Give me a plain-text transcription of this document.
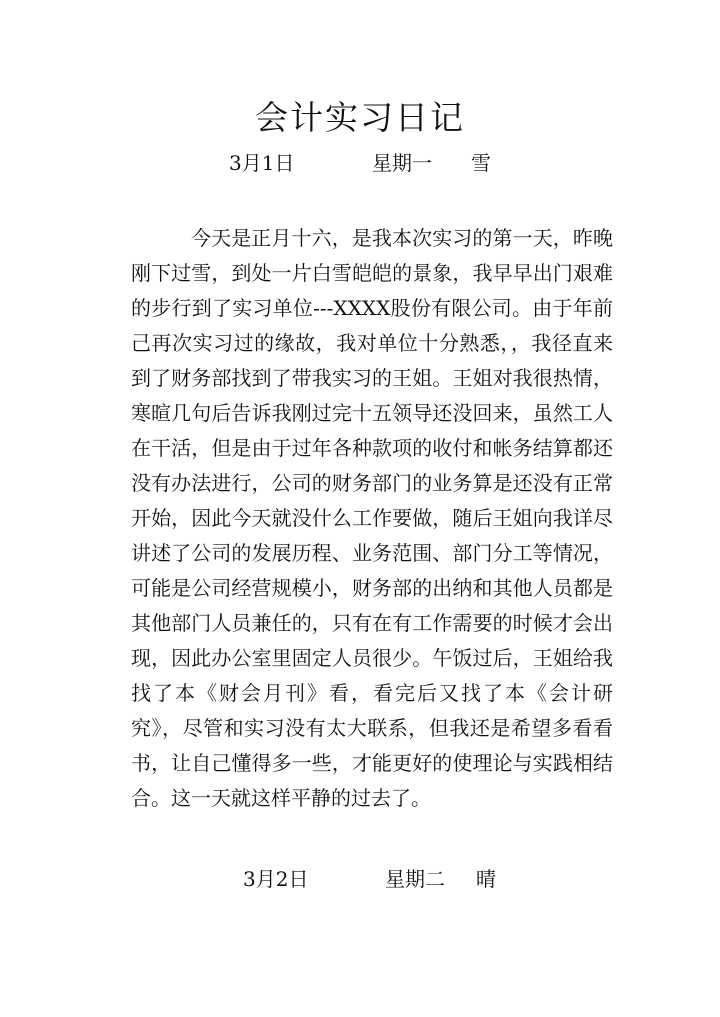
会计实习日记
3月1日	星期一 雪

今天是正月十六，是我本次实习的第一天，昨晚刚下过雪，到处一片白雪皑皑的景象，我早早出门艰难的步行到了实习单位---XXXX股份有限公司。由于年前己再次实习过的缘故，我对单位十分熟悉，，我径直来到了财务部找到了带我实习的王姐。王姐对我很热情，寒暄几句后告诉我刚过完十五领导还没回来，虽然工人在干活，但是由于过年各种款项的收付和帐务结算都还没有办法进行，公司的财务部门的业务算是还没有正常开始，因此今天就没什么工作要做，随后王姐向我详尽讲述了公司的发展历程、业务范围、部门分工等情况，可能是公司经营规模小，财务部的出纳和其他人员都是其他部门人员兼任的，只有在有工作需要的时候才会出现，因此办公室里固定人员很少。午饭过后，王姐给我找了本《财会月刊》看，看完后又找了本《会计研究》，尽管和实习没有太大联系，但我还是希望多看看书，让自己懂得多一些，才能更好的使理论与实践相结合。这一天就这样平静的过去了。

3月2日	星期二 晴
